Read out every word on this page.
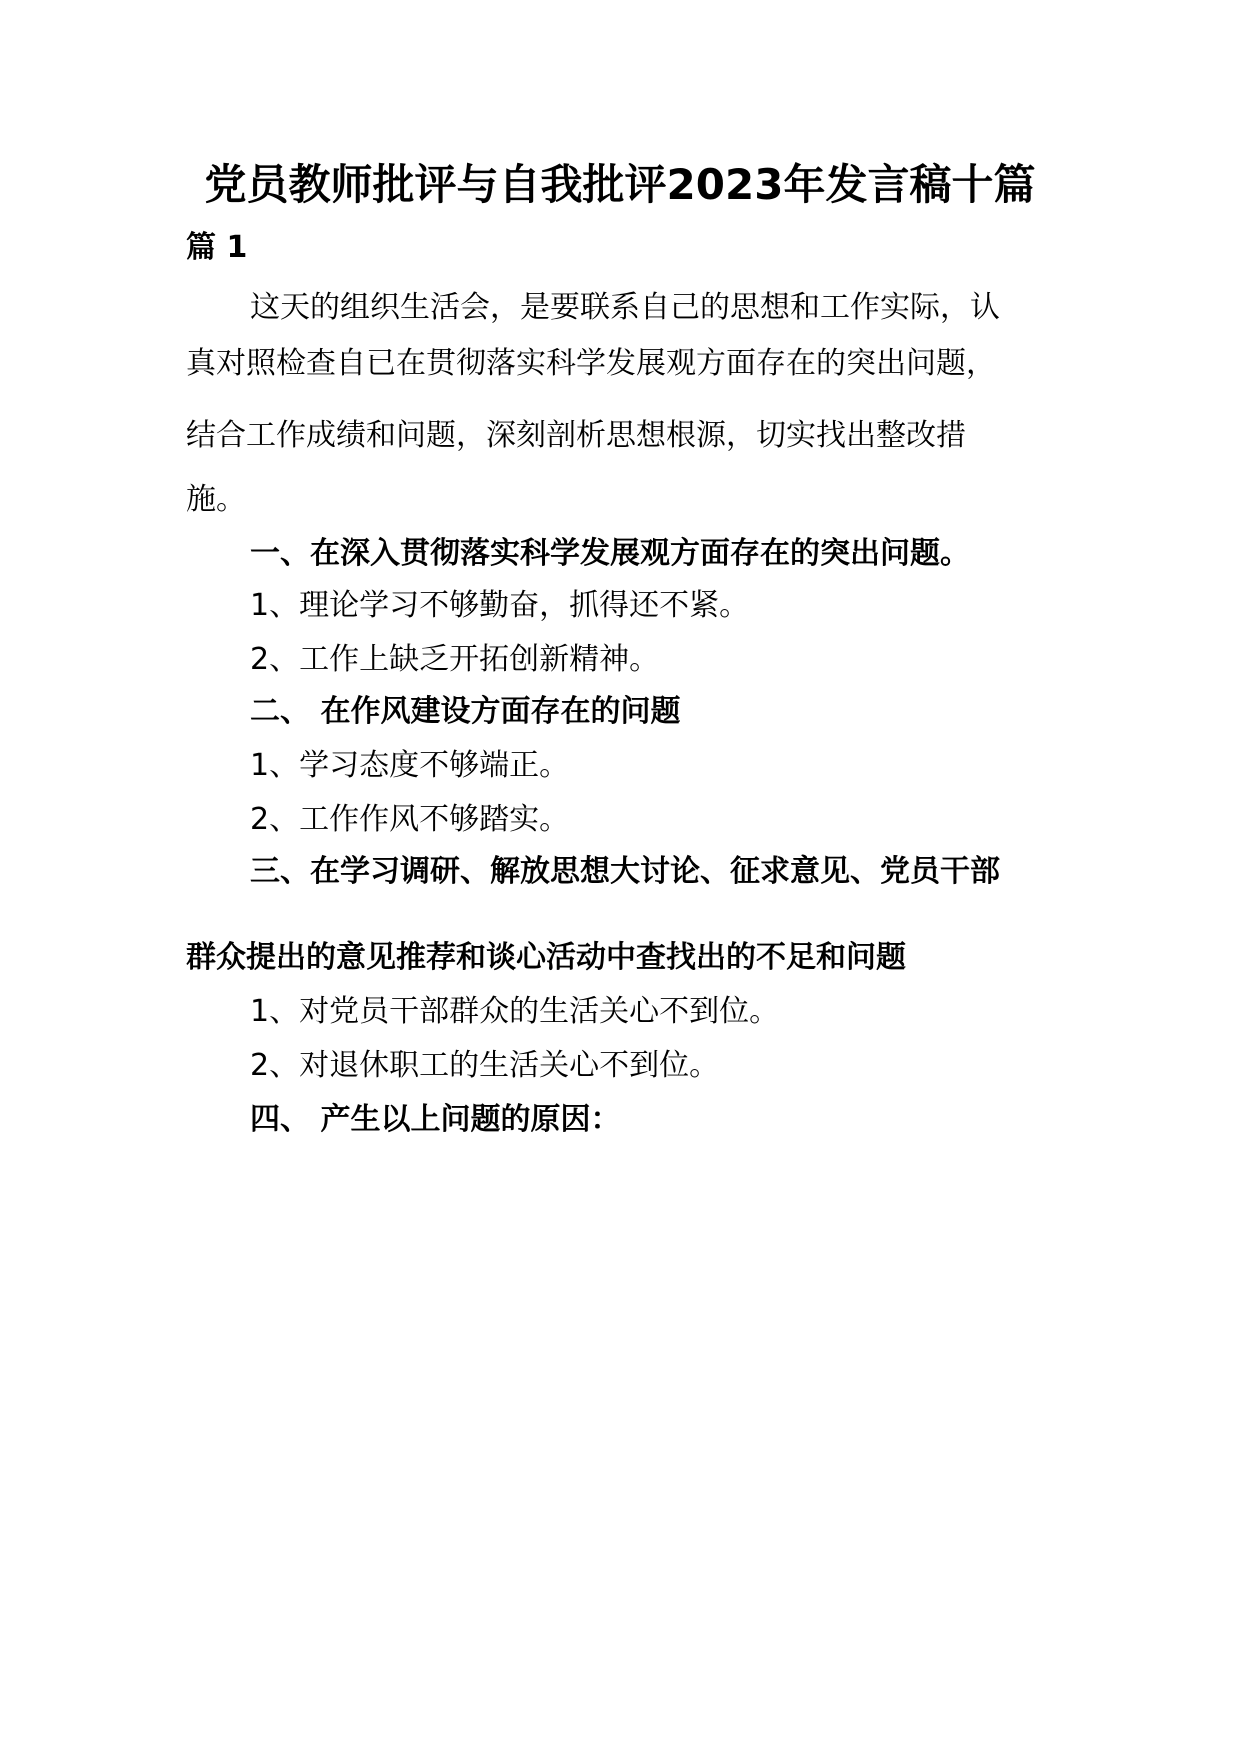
党员教师批评与自我批评2023年发言稿十篇

篇 1

这天的组织生活会，是要联系自己的思想和工作实际，认

真对照检查自已在贯彻落实科学发展观方面存在的突出问题，

结合工作成绩和问题，深刻剖析思想根源，切实找出整改措

施。

一、在深入贯彻落实科学发展观方面存在的突出问题。

1、理论学习不够勤奋，抓得还不紧。

2、工作上缺乏开拓创新精神。

二、 在作风建设方面存在的问题

1、学习态度不够端正。

2、工作作风不够踏实。

三、在学习调研、解放思想大讨论、征求意见、党员干部

群众提出的意见推荐和谈心活动中查找出的不足和问题

1、对党员干部群众的生活关心不到位。

2、对退休职工的生活关心不到位。

四、 产生以上问题的原因：
